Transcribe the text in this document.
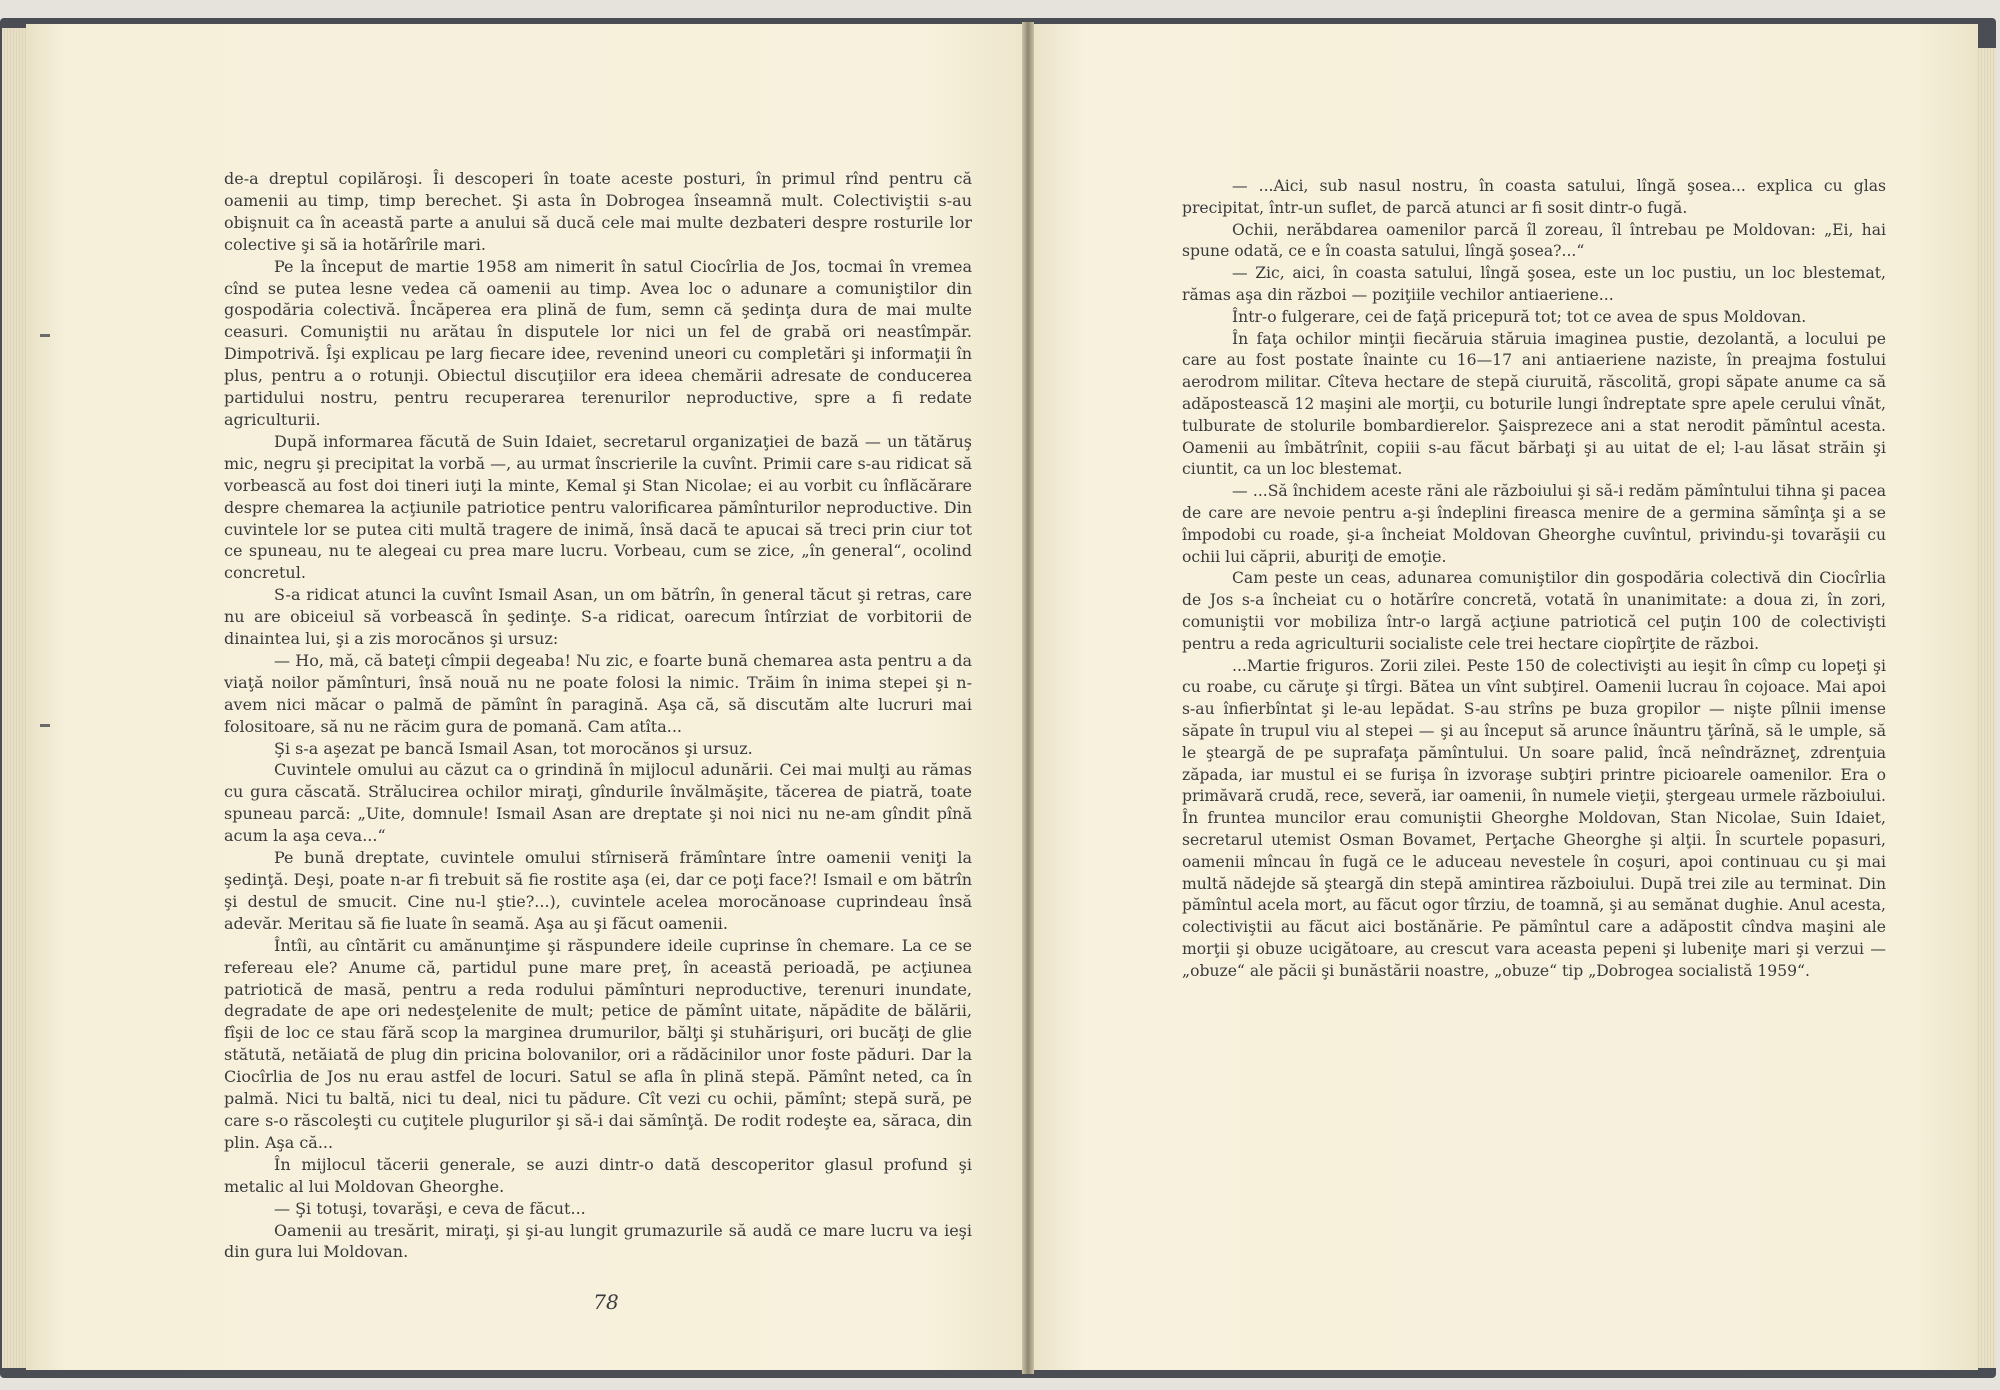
de-a dreptul copilăroşi. Îi descoperi în toate aceste posturi, în primul rînd pentru că oamenii au timp, timp berechet. Şi asta în Dobrogea înseamnă mult. Colectiviştii s-au obişnuit ca în această parte a anului să ducă cele mai multe dezbateri despre rosturile lor colective şi să ia hotărîrile mari.

Pe la început de martie 1958 am nimerit în satul Ciocîrlia de Jos, tocmai în vremea cînd se putea lesne vedea că oamenii au timp. Avea loc o adunare a comuniştilor din gospodăria colectivă. Încăperea era plină de fum, semn că şedinţa dura de mai multe ceasuri. Comuniştii nu arătau în disputele lor nici un fel de grabă ori neastîmpăr. Dimpotrivă. Îşi explicau pe larg fiecare idee, revenind uneori cu completări şi informaţii în plus, pentru a o rotunji. Obiectul discuţiilor era ideea chemării adresate de conducerea partidului nostru, pentru recuperarea terenurilor neproductive, spre a fi redate agriculturii.

După informarea făcută de Suin Idaiet, secretarul organizaţiei de bază — un tătăruş mic, negru şi precipitat la vorbă —, au urmat înscrierile la cuvînt. Primii care s-au ridicat să vorbească au fost doi tineri iuţi la minte, Kemal şi Stan Nicolae; ei au vorbit cu înflăcărare despre chemarea la acţiunile patriotice pentru valorificarea pămînturilor neproductive. Din cuvintele lor se putea citi multă tragere de inimă, însă dacă te apucai să treci prin ciur tot ce spuneau, nu te alegeai cu prea mare lucru. Vorbeau, cum se zice, „în general“, ocolind concretul.

S-a ridicat atunci la cuvînt Ismail Asan, un om bătrîn, în general tăcut şi retras, care nu are obiceiul să vorbească în şedinţe. S-a ridicat, oarecum întîrziat de vorbitorii de dinaintea lui, şi a zis morocănos şi ursuz:

— Ho, mă, că bateţi cîmpii degeaba! Nu zic, e foarte bună chemarea asta pentru a da viaţă noilor pămînturi, însă nouă nu ne poate folosi la nimic. Trăim în inima stepei şi n-avem nici măcar o palmă de pămînt în paragină. Aşa că, să discutăm alte lucruri mai folositoare, să nu ne răcim gura de pomană. Cam atîta...

Şi s-a aşezat pe bancă Ismail Asan, tot morocănos şi ursuz.

Cuvintele omului au căzut ca o grindină în mijlocul adunării. Cei mai mulţi au rămas cu gura căscată. Strălucirea ochilor miraţi, gîndurile învălmăşite, tăcerea de piatră, toate spuneau parcă: „Uite, domnule! Ismail Asan are dreptate şi noi nici nu ne-am gîndit pînă acum la aşa ceva...“

Pe bună dreptate, cuvintele omului stîrniseră frămîntare între oamenii veniţi la şedinţă. Deşi, poate n-ar fi trebuit să fie rostite aşa (ei, dar ce poţi face?! Ismail e om bătrîn şi destul de smucit. Cine nu-l ştie?...), cuvintele acelea morocănoase cuprindeau însă adevăr. Meritau să fie luate în seamă. Aşa au şi făcut oamenii.

Întîi, au cîntărit cu amănunţime şi răspundere ideile cuprinse în chemare. La ce se refereau ele? Anume că, partidul pune mare preţ, în această perioadă, pe acţiunea patriotică de masă, pentru a reda rodului pămînturi neproductive, terenuri inundate, degradate de ape ori nedesţelenite de mult; petice de pămînt uitate, năpădite de bălării, fîşii de loc ce stau fără scop la marginea drumurilor, bălţi şi stuhărişuri, ori bucăţi de glie stătută, netăiată de plug din pricina bolovanilor, ori a rădăcinilor unor foste păduri. Dar la Ciocîrlia de Jos nu erau astfel de locuri. Satul se afla în plină stepă. Pămînt neted, ca în palmă. Nici tu baltă, nici tu deal, nici tu pădure. Cît vezi cu ochii, pămînt; stepă sură, pe care s-o răscoleşti cu cuţitele plugurilor şi să-i dai sămînţă. De rodit rodeşte ea, săraca, din plin. Aşa că...

În mijlocul tăcerii generale, se auzi dintr-o dată descoperitor glasul profund şi metalic al lui Moldovan Gheorghe.

— Şi totuşi, tovarăşi, e ceva de făcut...

Oamenii au tresărit, miraţi, şi şi-au lungit grumazurile să audă ce mare lucru va ieşi din gura lui Moldovan.

78

— ...Aici, sub nasul nostru, în coasta satului, lîngă şosea... explica cu glas precipitat, într-un suflet, de parcă atunci ar fi sosit dintr-o fugă.

Ochii, nerăbdarea oamenilor parcă îl zoreau, îl întrebau pe Moldovan: „Ei, hai spune odată, ce e în coasta satului, lîngă şosea?...“

— Zic, aici, în coasta satului, lîngă şosea, este un loc pustiu, un loc blestemat, rămas aşa din război — poziţiile vechilor antiaeriene...

Într-o fulgerare, cei de faţă pricepură tot; tot ce avea de spus Moldovan.

În faţa ochilor minţii fiecăruia stăruia imaginea pustie, dezolantă, a locului pe care au fost postate înainte cu 16—17 ani antiaeriene naziste, în preajma fostului aerodrom militar. Cîteva hectare de stepă ciuruită, răscolită, gropi săpate anume ca să adăpostească 12 maşini ale morţii, cu boturile lungi îndreptate spre apele cerului vînăt, tulburate de stolurile bombardierelor. Şaisprezece ani a stat nerodit pămîntul acesta. Oamenii au îmbătrînit, copiii s-au făcut bărbaţi şi au uitat de el; l-au lăsat străin şi ciuntit, ca un loc blestemat.

— ...Să închidem aceste răni ale războiului şi să-i redăm pămîntului tihna şi pacea de care are nevoie pentru a-şi îndeplini fireasca menire de a germina sămînţa şi a se împodobi cu roade, şi-a încheiat Moldovan Gheorghe cuvîntul, privindu-şi tovarăşii cu ochii lui căprii, aburiţi de emoţie.

Cam peste un ceas, adunarea comuniştilor din gospodăria colectivă din Ciocîrlia de Jos s-a încheiat cu o hotărîre concretă, votată în unanimitate: a doua zi, în zori, comuniştii vor mobiliza într-o largă acţiune patriotică cel puţin 100 de colectivişti pentru a reda agriculturii socialiste cele trei hectare ciopîrţite de război.

...Martie friguros. Zorii zilei. Peste 150 de colectivişti au ieşit în cîmp cu lopeţi şi cu roabe, cu căruţe şi tîrgi. Bătea un vînt subţirel. Oamenii lucrau în cojoace. Mai apoi s-au înfierbîntat şi le-au lepădat. S-au strîns pe buza gropilor — nişte pîlnii imense săpate în trupul viu al stepei — şi au început să arunce înăuntru ţărînă, să le umple, să le şteargă de pe suprafaţa pămîntului. Un soare palid, încă neîndrăzneţ, zdrenţuia zăpada, iar mustul ei se furişa în izvoraşe subţiri printre picioarele oamenilor. Era o primăvară crudă, rece, severă, iar oamenii, în numele vieţii, ştergeau urmele războiului. În fruntea muncilor erau comuniştii Gheorghe Moldovan, Stan Nicolae, Suin Idaiet, secretarul utemist Osman Bovamet, Perţache Gheorghe şi alţii. În scurtele popasuri, oamenii mîncau în fugă ce le aduceau nevestele în coşuri, apoi continuau cu şi mai multă nădejde să şteargă din stepă amintirea războiului. După trei zile au terminat. Din pămîntul acela mort, au făcut ogor tîrziu, de toamnă, şi au semănat dughie. Anul acesta, colectiviştii au făcut aici bostănărie. Pe pămîntul care a adăpostit cîndva maşini ale morţii şi obuze ucigătoare, au crescut vara aceasta pepeni şi lubeniţe mari şi verzui — „obuze“ ale păcii şi bunăstării noastre, „obuze“ tip „Dobrogea socialistă 1959“.
